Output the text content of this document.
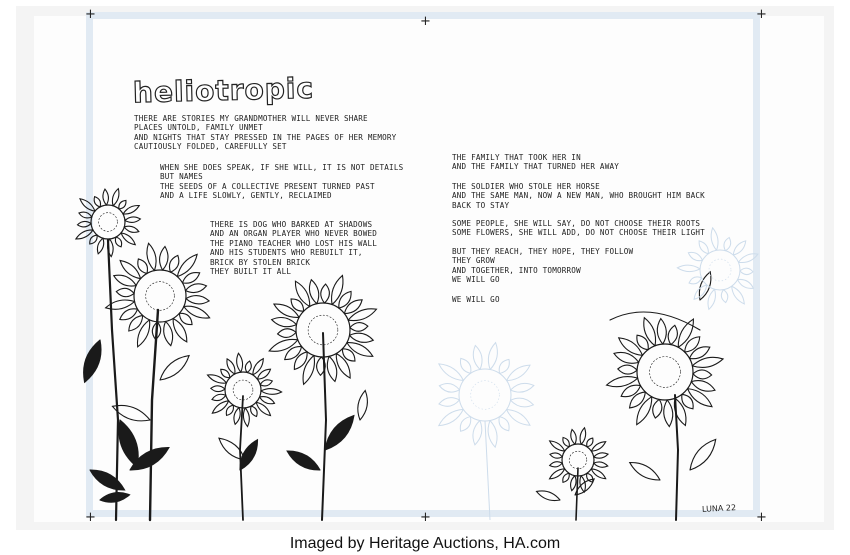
+	+
+
+	+
+
heliotropic
THERE ARE STORIES MY GRANDMOTHER WILL NEVER SHARE
PLACES UNTOLD, FAMILY UNMET
AND NIGHTS THAT STAY PRESSED IN THE PAGES OF HER MEMORY
CAUTIOUSLY FOLDED, CAREFULLY SET
WHEN SHE DOES SPEAK, IF SHE WILL, IT IS NOT DETAILS
BUT NAMES
THE SEEDS OF A COLLECTIVE PRESENT TURNED PAST
AND A LIFE SLOWLY, GENTLY, RECLAIMED
THERE IS DOG WHO BARKED AT SHADOWS
AND AN ORGAN PLAYER WHO NEVER BOWED
THE PIANO TEACHER WHO LOST HIS WALL
AND HIS STUDENTS WHO REBUILT IT,
BRICK BY STOLEN BRICK
THEY BUILT IT ALL
THE FAMILY THAT TOOK HER IN
AND THE FAMILY THAT TURNED HER AWAY
THE SOLDIER WHO STOLE HER HORSE
AND THE SAME MAN, NOW A NEW MAN, WHO BROUGHT HIM BACK
BACK TO STAY
SOME PEOPLE, SHE WILL SAY, DO NOT CHOOSE THEIR ROOTS
SOME FLOWERS, SHE WILL ADD, DO NOT CHOOSE THEIR LIGHT
BUT THEY REACH, THEY HOPE, THEY FOLLOW
THEY GROW
AND TOGETHER, INTO TOMORROW
WE WILL GO
WE WILL GO
LUNA 22
Imaged by Heritage Auctions, HA.com
